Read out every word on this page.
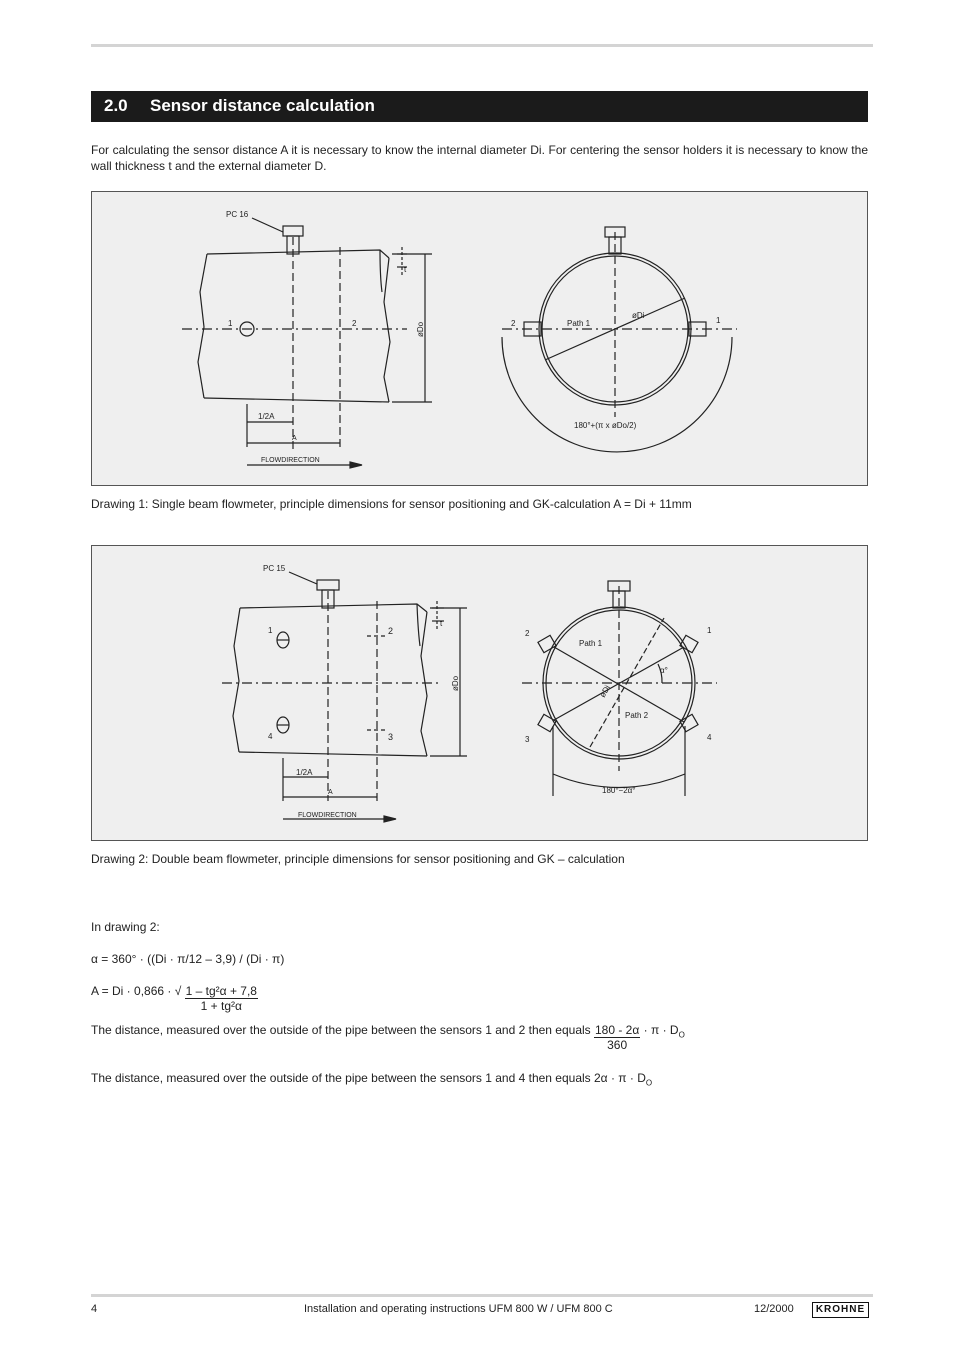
2.0 Sensor distance calculation
For calculating the sensor distance A it is necessary to know the internal diameter Di. For centering the sensor holders it is necessary to know the wall thickness t and the external diameter D.
PC 16
1	2
t
øDo
1/2A
A
FLOWDIRECTION
Path 1
øDi
2	1
180°+(π x øDo/2)
Drawing 1: Single beam flowmeter, principle dimensions for sensor positioning and GK-calculation A = Di + 11mm
PC 15
1
4
2
3
t
øDo
1/2A
A
FLOWDIRECTION
Path 1
Path 2
α°
øDi
2	1
3	4
180°−2α°
Drawing 2: Double beam flowmeter, principle dimensions for sensor positioning and GK – calculation
In drawing 2:
α = 360° · ((Di · π/12 – 3,9) / (Di · π)
A = Di · 0,866 · √ $\frac{\text{1 – tg²α + 7,8}}{\text{1 + tg²α}}$
The distance, measured over the outside of the pipe between the sensors 1 and 2 then equals $\frac{180 - 2\alpha}{360} \cdot \pi \cdot D_O$
The distance, measured over the outside of the pipe between the sensors 1 and 4 then equals $2\alpha \cdot \pi \cdot D_O$
4	Installation and operating instructions UFM 800 W / UFM 800 C	12/2000	KROHNE
